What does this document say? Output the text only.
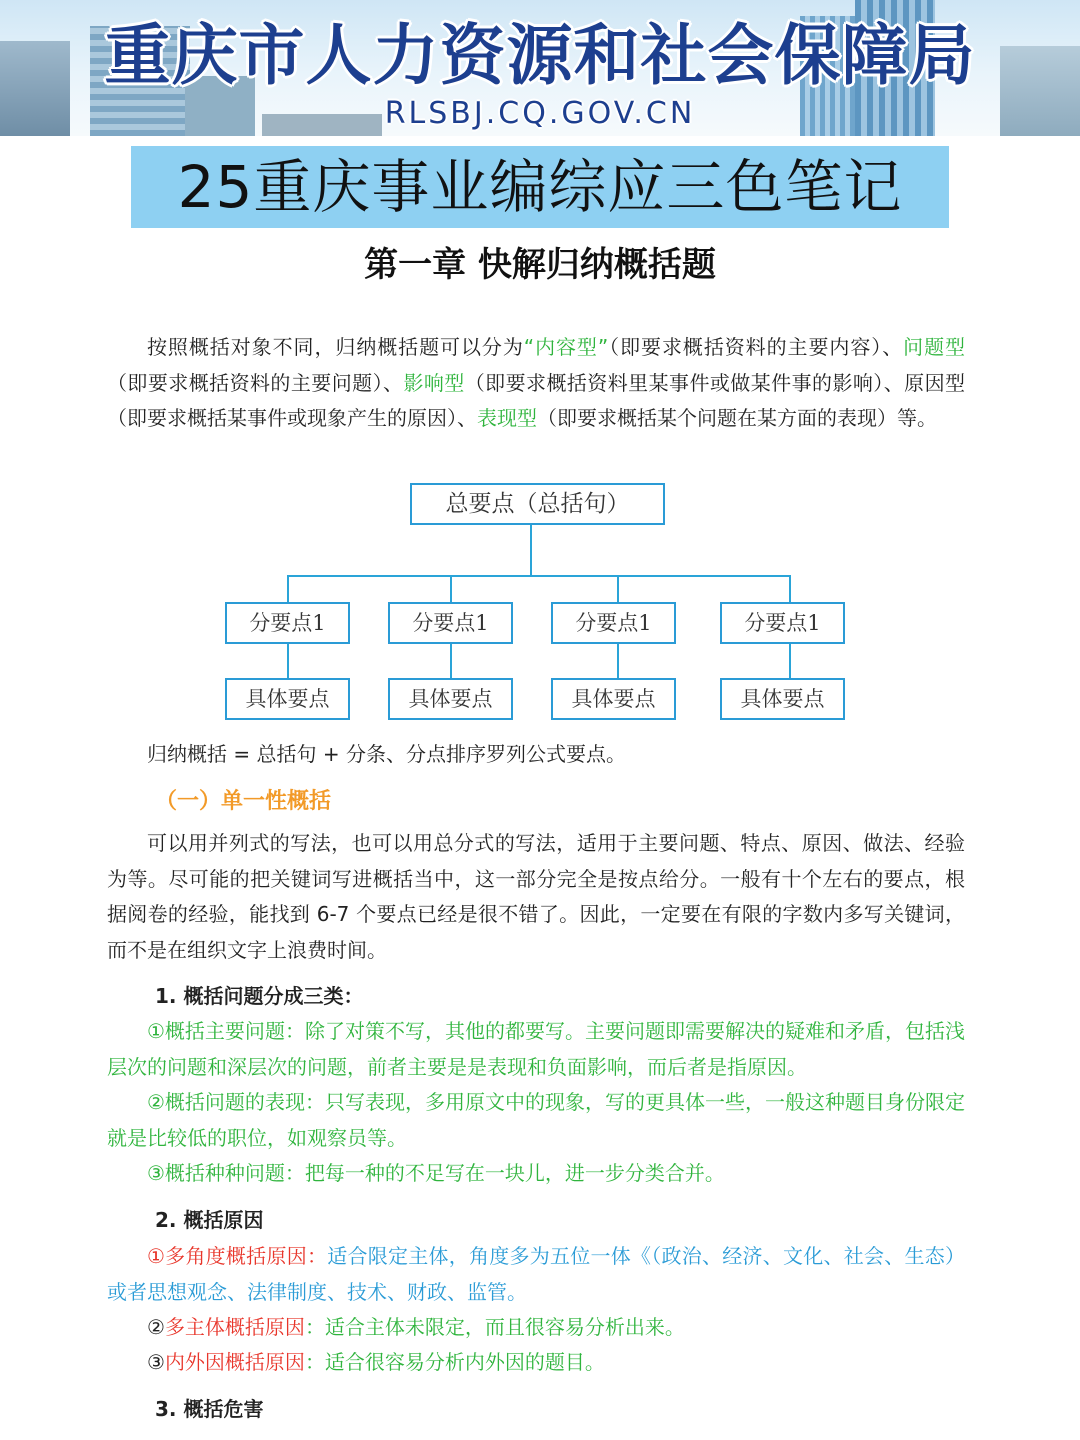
重庆市人力资源和社会保障局
RLSBJ.CQ.GOV.CN
25重庆事业编综应三色笔记
第一章 快解归纳概括题
按照概括对象不同，归纳概括题可以分为“内容型”（即要求概括资料的主要内容）、问题型（即要求概括资料的主要问题）、影响型（即要求概括资料里某事件或做某件事的影响）、原因型（即要求概括某事件或现象产生的原因）、表现型（即要求概括某个问题在某方面的表现）等。
总要点（总括句）
分要点1	分要点1	分要点1	分要点1
具体要点	具体要点	具体要点	具体要点
归纳概括 = 总括句 + 分条、分点排序罗列公式要点。
（一）单一性概括
可以用并列式的写法，也可以用总分式的写法，适用于主要问题、特点、原因、做法、经验为等。尽可能的把关键词写进概括当中，这一部分完全是按点给分。一般有十个左右的要点，根据阅卷的经验，能找到 6-7 个要点已经是很不错了。因此，一定要在有限的字数内多写关键词，而不是在组织文字上浪费时间。
1. 概括问题分成三类：
①概括主要问题：除了对策不写，其他的都要写。主要问题即需要解决的疑难和矛盾，包括浅层次的问题和深层次的问题，前者主要是是表现和负面影响，而后者是指原因。
②概括问题的表现：只写表现，多用原文中的现象，写的更具体一些，一般这种题目身份限定就是比较低的职位，如观察员等。
③概括种种问题：把每一种的不足写在一块儿，进一步分类合并。
2. 概括原因
①多角度概括原因：适合限定主体，角度多为五位一体《（政治、经济、文化、社会、生态）或者思想观念、法律制度、技术、财政、监管。
②多主体概括原因：适合主体未限定，而且很容易分析出来。
③内外因概括原因：适合很容易分析内外因的题目。
3. 概括危害
